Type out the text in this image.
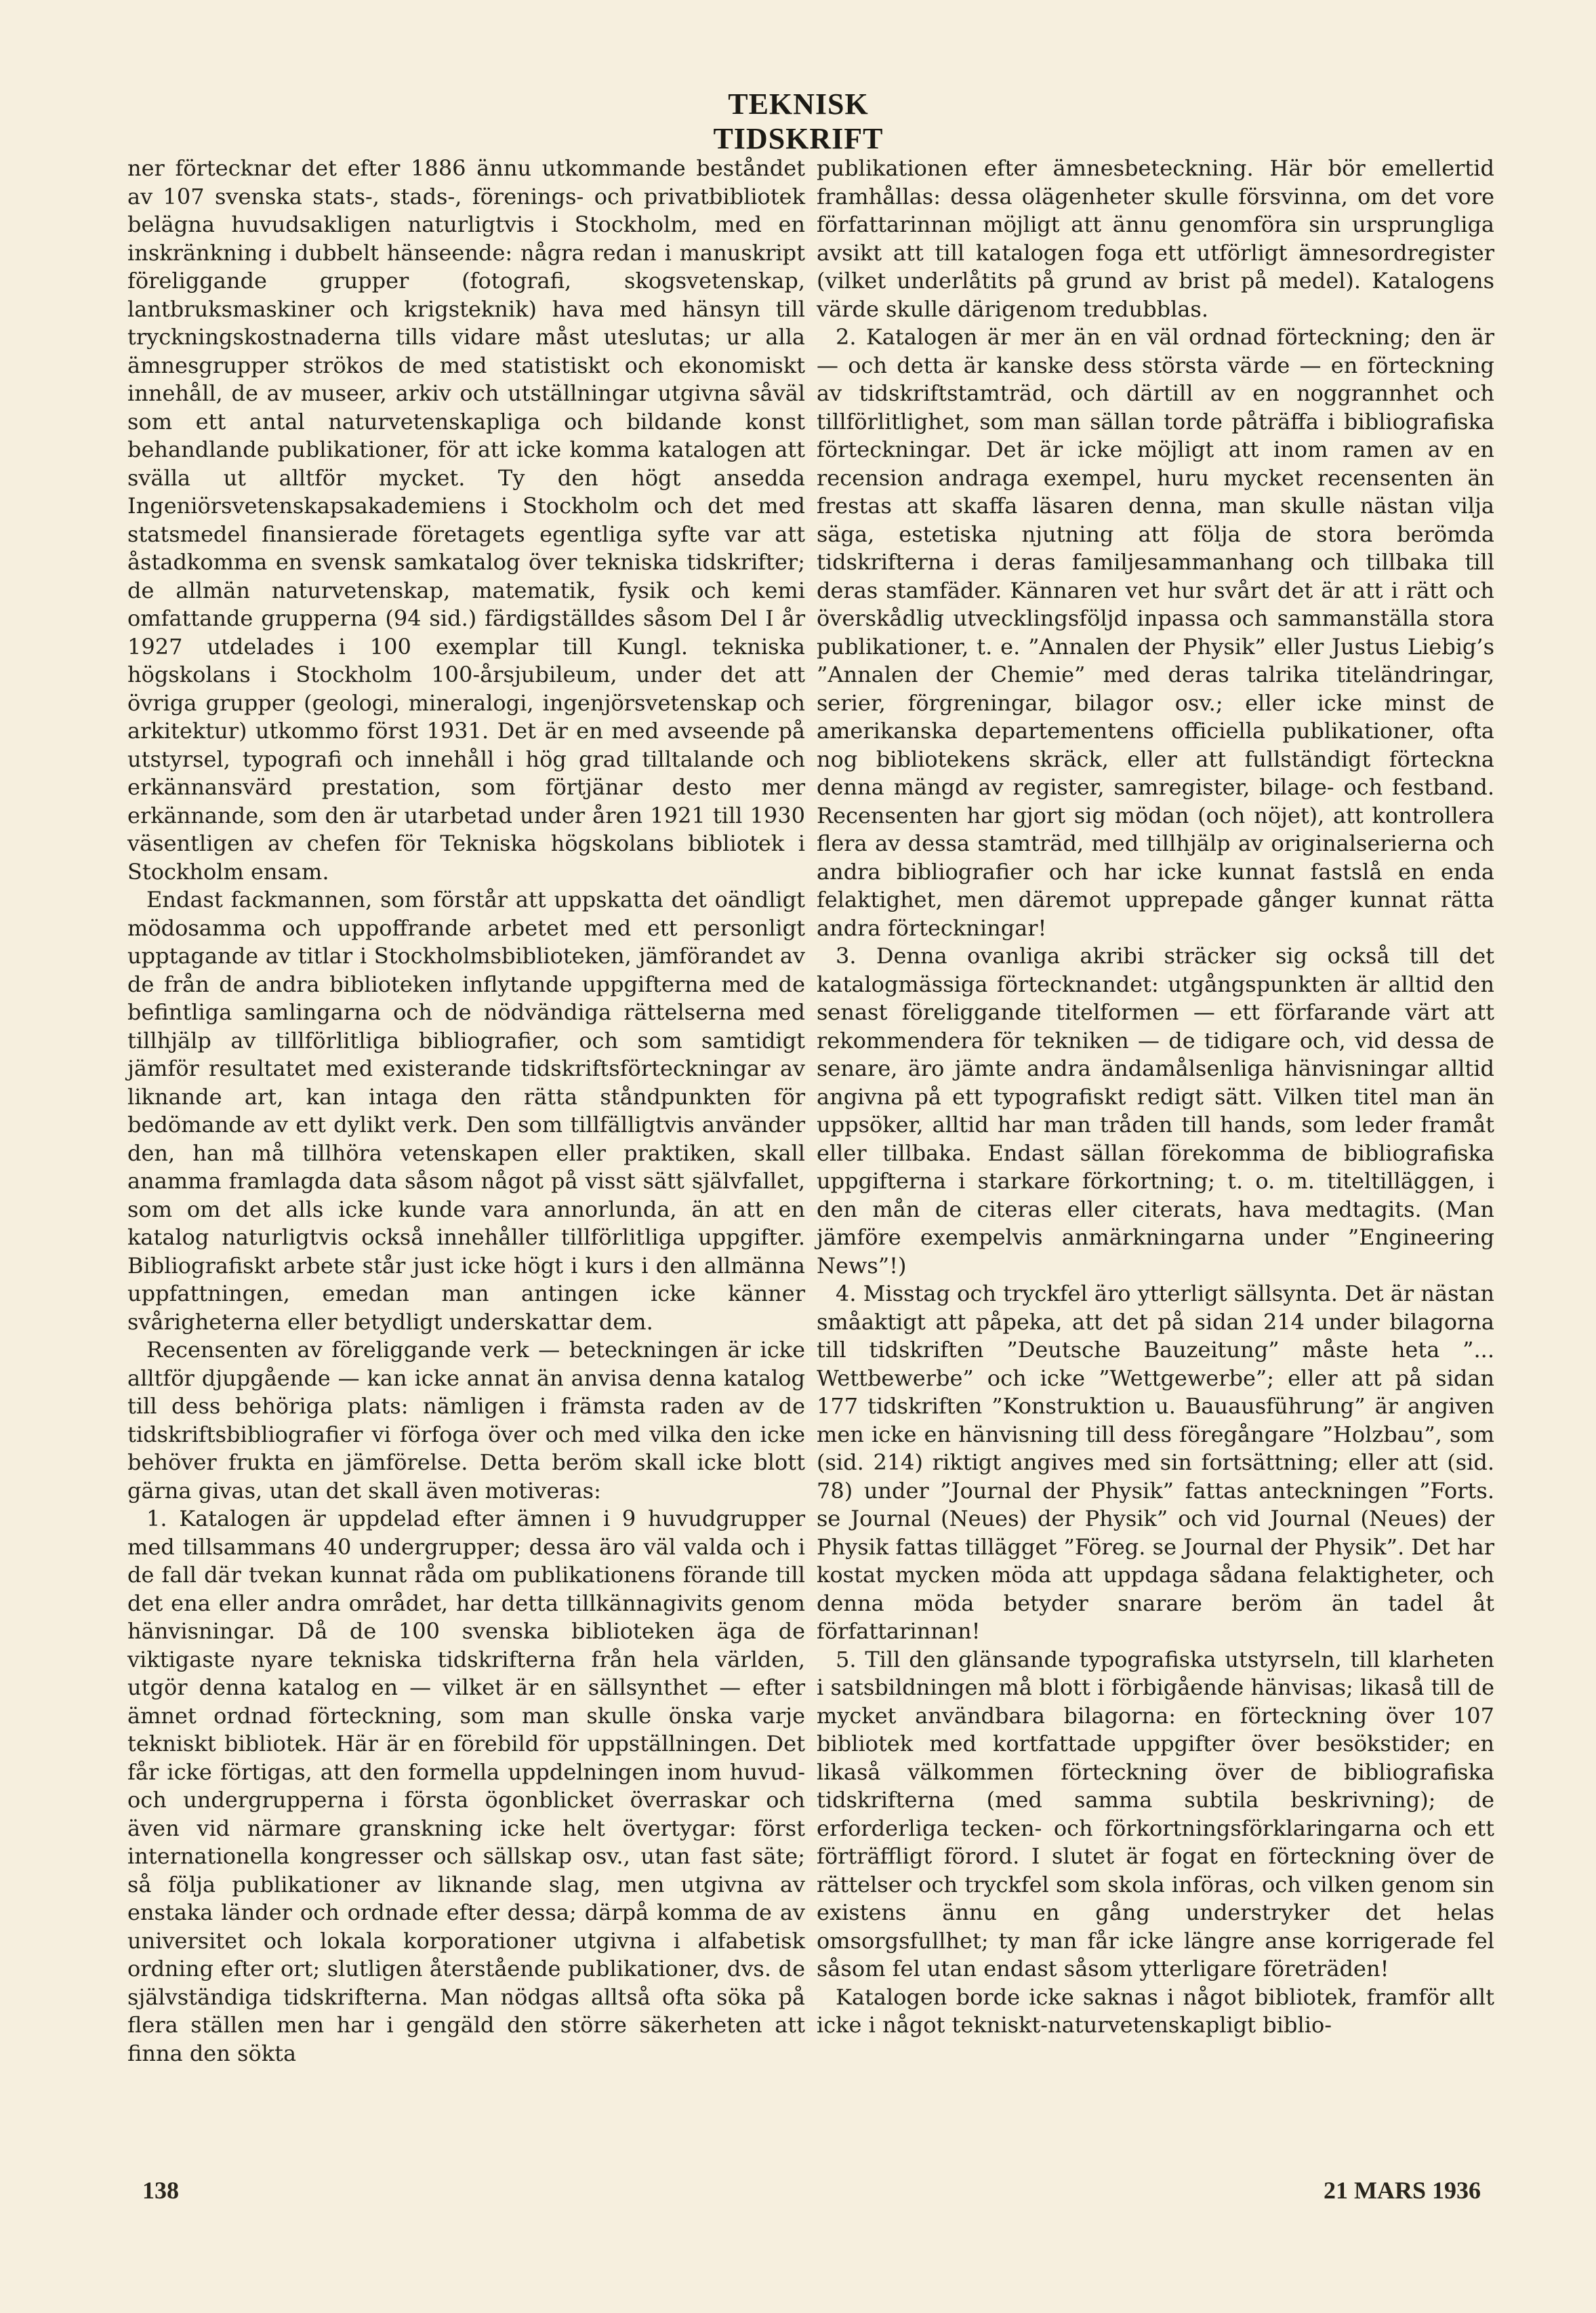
TEKNISK TIDSKRIFT

ner förtecknar det efter 1886 ännu utkommande beståndet av 107 svenska stats-, stads-, förenings- och privatbibliotek belägna huvudsakligen naturligtvis i Stockholm, med en inskränkning i dubbelt hänseende: några redan i manuskript föreliggande grupper (fotografi, skogsvetenskap, lantbruksmaskiner och krigsteknik) hava med hänsyn till tryckningskostnaderna tills vidare måst uteslutas; ur alla ämnesgrupper strökos de med statistiskt och ekonomiskt innehåll, de av museer, arkiv och utställningar utgivna såväl som ett antal naturvetenskapliga och bildande konst behandlande publikationer, för att icke komma katalogen att svälla ut alltför mycket. Ty den högt ansedda Ingeniörsvetenskapsakademiens i Stockholm och det med statsmedel finansierade företagets egentliga syfte var att åstadkomma en svensk samkatalog över tekniska tidskrifter; de allmän naturvetenskap, matematik, fysik och kemi omfattande grupperna (94 sid.) färdigställdes såsom Del I år 1927 utdelades i 100 exemplar till Kungl. tekniska högskolans i Stockholm 100-årsjubileum, under det att övriga grupper (geologi, mineralogi, ingenjörsvetenskap och arkitektur) utkommo först 1931. Det är en med avseende på utstyrsel, typografi och innehåll i hög grad tilltalande och erkännansvärd prestation, som förtjänar desto mer erkännande, som den är utarbetad under åren 1921 till 1930 väsentligen av chefen för Tekniska högskolans bibliotek i Stockholm ensam.

Endast fackmannen, som förstår att uppskatta det oändligt mödosamma och uppoffrande arbetet med ett personligt upptagande av titlar i Stockholmsbiblioteken, jämförandet av de från de andra biblioteken inflytande uppgifterna med de befintliga samlingarna och de nödvändiga rättelserna med tillhjälp av tillförlitliga bibliografier, och som samtidigt jämför resultatet med existerande tidskriftsförteckningar av liknande art, kan intaga den rätta ståndpunkten för bedömande av ett dylikt verk. Den som tillfälligtvis använder den, han må tillhöra vetenskapen eller praktiken, skall anamma framlagda data såsom något på visst sätt självfallet, som om det alls icke kunde vara annorlunda, än att en katalog naturligtvis också innehåller tillförlitliga uppgifter. Bibliografiskt arbete står just icke högt i kurs i den allmänna uppfattningen, emedan man antingen icke känner svårigheterna eller betydligt underskattar dem.

Recensenten av föreliggande verk — beteckningen är icke alltför djupgående — kan icke annat än anvisa denna katalog till dess behöriga plats: nämligen i främsta raden av de tidskriftsbibliografier vi förfoga över och med vilka den icke behöver frukta en jämförelse. Detta beröm skall icke blott gärna givas, utan det skall även motiveras:

1. Katalogen är uppdelad efter ämnen i 9 huvudgrupper med tillsammans 40 undergrupper; dessa äro väl valda och i de fall där tvekan kunnat råda om publikationens förande till det ena eller andra området, har detta tillkännagivits genom hänvisningar. Då de 100 svenska biblioteken äga de viktigaste nyare tekniska tidskrifterna från hela världen, utgör denna katalog en — vilket är en sällsynthet — efter ämnet ordnad förteckning, som man skulle önska varje tekniskt bibliotek. Här är en förebild för uppställningen. Det får icke förtigas, att den formella uppdelningen inom huvud- och undergrupperna i första ögonblicket överraskar och även vid närmare granskning icke helt övertygar: först internationella kongresser och sällskap osv., utan fast säte; så följa publikationer av liknande slag, men utgivna av enstaka länder och ordnade efter dessa; därpå komma de av universitet och lokala korporationer utgivna i alfabetisk ordning efter ort; slutligen återstående publikationer, dvs. de självständiga tidskrifterna. Man nödgas alltså ofta söka på flera ställen men har i gengäld den större säkerheten att finna den sökta

publikationen efter ämnesbeteckning. Här bör emellertid framhållas: dessa olägenheter skulle försvinna, om det vore författarinnan möjligt att ännu genomföra sin ursprungliga avsikt att till katalogen foga ett utförligt ämnesordregister (vilket underlåtits på grund av brist på medel). Katalogens värde skulle därigenom tredubblas.

2. Katalogen är mer än en väl ordnad förteckning; den är — och detta är kanske dess största värde — en förteckning av tidskriftstamträd, och därtill av en noggrannhet och tillförlitlighet, som man sällan torde påträffa i bibliografiska förteckningar. Det är icke möjligt att inom ramen av en recension andraga exempel, huru mycket recensenten än frestas att skaffa läsaren denna, man skulle nästan vilja säga, estetiska njutning att följa de stora berömda tidskrifterna i deras familjesammanhang och tillbaka till deras stamfäder. Kännaren vet hur svårt det är att i rätt och överskådlig utvecklingsföljd inpassa och sammanställa stora publikationer, t. e. ”Annalen der Physik” eller Justus Liebig’s ”Annalen der Chemie” med deras talrika titeländringar, serier, förgreningar, bilagor osv.; eller icke minst de amerikanska departementens officiella publikationer, ofta nog bibliotekens skräck, eller att fullständigt förteckna denna mängd av register, samregister, bilage- och festband. Recensenten har gjort sig mödan (och nöjet), att kontrollera flera av dessa stamträd, med tillhjälp av originalserierna och andra bibliografier och har icke kunnat fastslå en enda felaktighet, men däremot upprepade gånger kunnat rätta andra förteckningar!

3. Denna ovanliga akribi sträcker sig också till det katalogmässiga förtecknandet: utgångspunkten är alltid den senast föreliggande titelformen — ett förfarande värt att rekommendera för tekniken — de tidigare och, vid dessa de senare, äro jämte andra ändamålsenliga hänvisningar alltid angivna på ett typografiskt redigt sätt. Vilken titel man än uppsöker, alltid har man tråden till hands, som leder framåt eller tillbaka. Endast sällan förekomma de bibliografiska uppgifterna i starkare förkortning; t. o. m. titeltilläggen, i den mån de citeras eller citerats, hava medtagits. (Man jämföre exempelvis anmärkningarna under ”Engineering News”!)

4. Misstag och tryckfel äro ytterligt sällsynta. Det är nästan småaktigt att påpeka, att det på sidan 214 under bilagorna till tidskriften ”Deutsche Bauzeitung” måste heta ”... Wettbewerbe” och icke ”Wettgewerbe”; eller att på sidan 177 tidskriften ”Konstruktion u. Bauausführung” är angiven men icke en hänvisning till dess föregångare ”Holzbau”, som (sid. 214) riktigt angives med sin fortsättning; eller att (sid. 78) under ”Journal der Physik” fattas anteckningen ”Forts. se Journal (Neues) der Physik” och vid Journal (Neues) der Physik fattas tillägget ”Föreg. se Journal der Physik”. Det har kostat mycken möda att uppdaga sådana felaktigheter, och denna möda betyder snarare beröm än tadel åt författarinnan!

5. Till den glänsande typografiska utstyrseln, till klarheten i satsbildningen må blott i förbigående hänvisas; likaså till de mycket användbara bilagorna: en förteckning över 107 bibliotek med kortfattade uppgifter över besökstider; en likaså välkommen förteckning över de bibliografiska tidskrifterna (med samma subtila beskrivning); de erforderliga tecken- och förkortningsförklaringarna och ett förträffligt förord. I slutet är fogat en förteckning över de rättelser och tryckfel som skola införas, och vilken genom sin existens ännu en gång understryker det helas omsorgsfullhet; ty man får icke längre anse korrigerade fel såsom fel utan endast såsom ytterligare företräden!

Katalogen borde icke saknas i något bibliotek, framför allt icke i något tekniskt-naturvetenskapligt biblio-

138	21 MARS 1936
